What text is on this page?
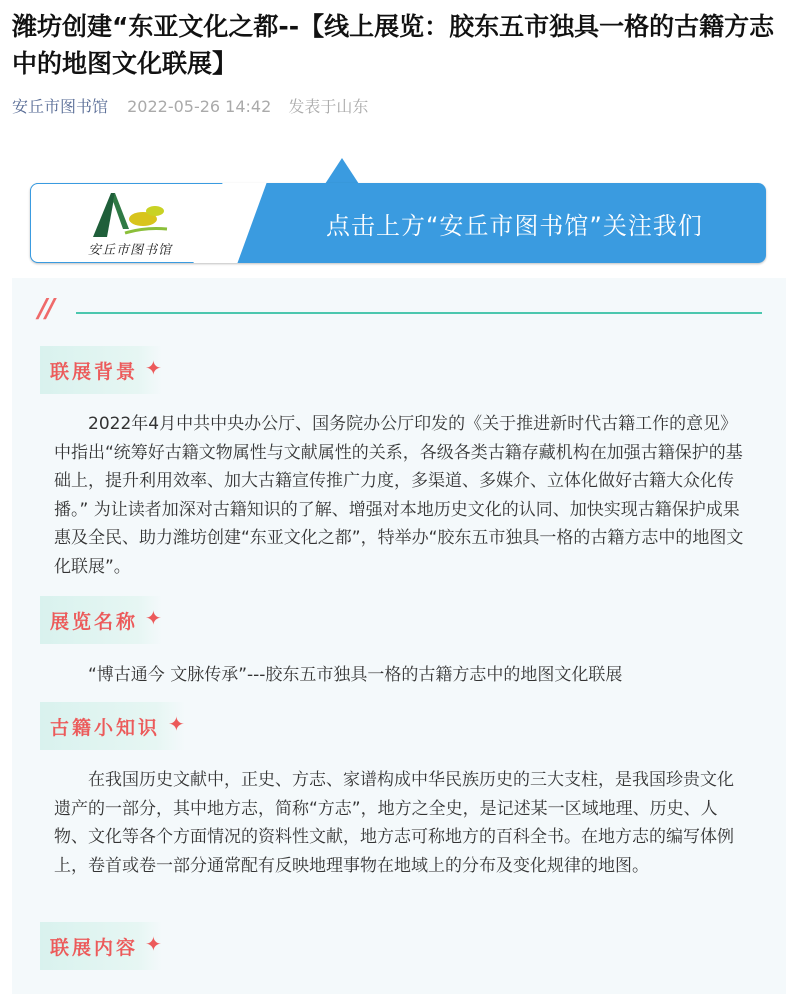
潍坊创建“东亚文化之都--【线上展览：胶东五市独具一格的古籍方志中的地图文化联展】
安丘市图书馆 2022-05-26 14:42 发表于山东
安丘市图书馆
点击上方“安丘市图书馆”关注我们
//
联展背景 ✦

2022年4月中共中央办公厅、国务院办公厅印发的《关于推进新时代古籍工作的意见》中指出“统筹好古籍文物属性与文献属性的关系，各级各类古籍存藏机构在加强古籍保护的基础上，提升利用效率、加大古籍宣传推广力度，多渠道、多媒介、立体化做好古籍大众化传播。” 为让读者加深对古籍知识的了解、增强对本地历史文化的认同、加快实现古籍保护成果惠及全民、助力潍坊创建“东亚文化之都”，特举办“胶东五市独具一格的古籍方志中的地图文化联展”。

展览名称 ✦

“博古通今 文脉传承”---胶东五市独具一格的古籍方志中的地图文化联展

古籍小知识 ✦

在我国历史文献中，正史、方志、家谱构成中华民族历史的三大支柱，是我国珍贵文化遗产的一部分，其中地方志，简称“方志”，地方之全史，是记述某一区域地理、历史、人物、文化等各个方面情况的资料性文献，地方志可称地方的百科全书。在地方志的编写体例上，卷首或卷一部分通常配有反映地理事物在地域上的分布及变化规律的地图。

联展内容 ✦
